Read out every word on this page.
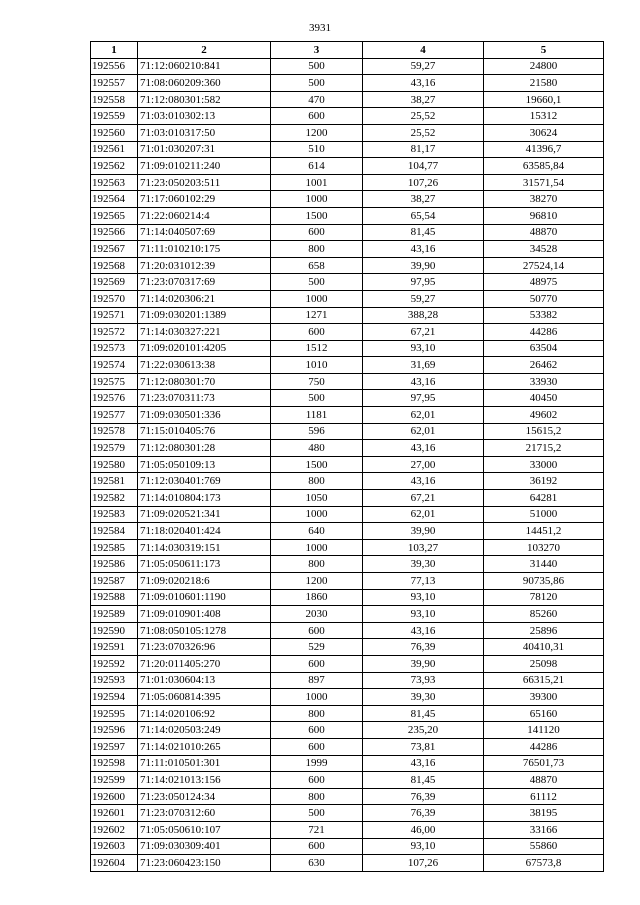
3931
1	2	3	4	5
192556	71:12:060210:841	500	59,27	24800
192557	71:08:060209:360	500	43,16	21580
192558	71:12:080301:582	470	38,27	19660,1
192559	71:03:010302:13	600	25,52	15312
192560	71:03:010317:50	1200	25,52	30624
192561	71:01:030207:31	510	81,17	41396,7
192562	71:09:010211:240	614	104,77	63585,84
192563	71:23:050203:511	1001	107,26	31571,54
192564	71:17:060102:29	1000	38,27	38270
192565	71:22:060214:4	1500	65,54	96810
192566	71:14:040507:69	600	81,45	48870
192567	71:11:010210:175	800	43,16	34528
192568	71:20:031012:39	658	39,90	27524,14
192569	71:23:070317:69	500	97,95	48975
192570	71:14:020306:21	1000	59,27	50770
192571	71:09:030201:1389	1271	388,28	53382
192572	71:14:030327:221	600	67,21	44286
192573	71:09:020101:4205	1512	93,10	63504
192574	71:22:030613:38	1010	31,69	26462
192575	71:12:080301:70	750	43,16	33930
192576	71:23:070311:73	500	97,95	40450
192577	71:09:030501:336	1181	62,01	49602
192578	71:15:010405:76	596	62,01	15615,2
192579	71:12:080301:28	480	43,16	21715,2
192580	71:05:050109:13	1500	27,00	33000
192581	71:12:030401:769	800	43,16	36192
192582	71:14:010804:173	1050	67,21	64281
192583	71:09:020521:341	1000	62,01	51000
192584	71:18:020401:424	640	39,90	14451,2
192585	71:14:030319:151	1000	103,27	103270
192586	71:05:050611:173	800	39,30	31440
192587	71:09:020218:6	1200	77,13	90735,86
192588	71:09:010601:1190	1860	93,10	78120
192589	71:09:010901:408	2030	93,10	85260
192590	71:08:050105:1278	600	43,16	25896
192591	71:23:070326:96	529	76,39	40410,31
192592	71:20:011405:270	600	39,90	25098
192593	71:01:030604:13	897	73,93	66315,21
192594	71:05:060814:395	1000	39,30	39300
192595	71:14:020106:92	800	81,45	65160
192596	71:14:020503:249	600	235,20	141120
192597	71:14:021010:265	600	73,81	44286
192598	71:11:010501:301	1999	43,16	76501,73
192599	71:14:021013:156	600	81,45	48870
192600	71:23:050124:34	800	76,39	61112
192601	71:23:070312:60	500	76,39	38195
192602	71:05:050610:107	721	46,00	33166
192603	71:09:030309:401	600	93,10	55860
192604	71:23:060423:150	630	107,26	67573,8
